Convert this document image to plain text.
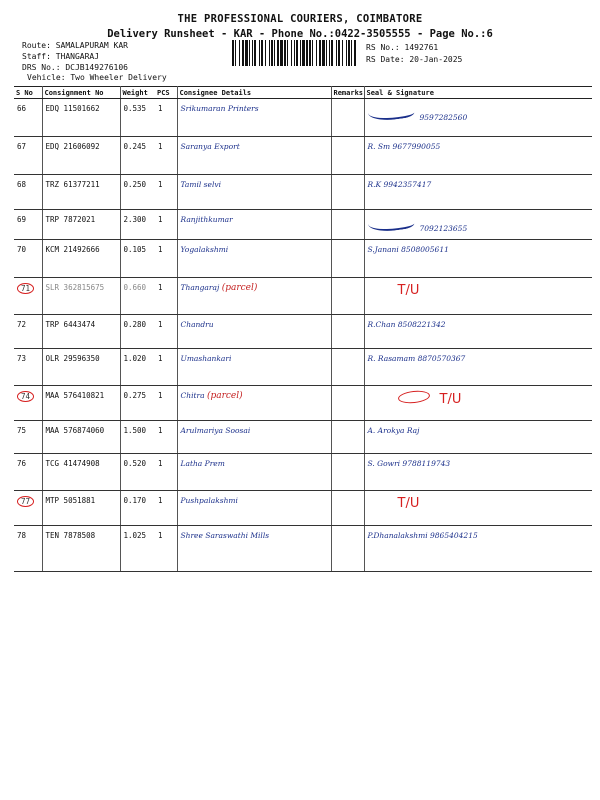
THE PROFESSIONAL COURIERS, COIMBATORE
Delivery Runsheet - KAR - Phone No.:0422-3505555 - Page No.:6
Route: SAMALAPURAM KAR
Staff: THANGARAJ
DRS No.: DCJB149276106
Vehicle: Two Wheeler Delivery
RS No.: 1492761
RS Date: 20-Jan-2025
S No	Consignment No	Weight	PCS	Consignee Details	Remarks	Seal & Signature
66	EDQ 11501662	0.535	1	Srikumaran Printers		9597282560
67	EDQ 21606092	0.245	1	Saranya Export		R. Sm 9677990055
68	TRZ 61377211	0.250	1	Tamil selvi		R.K 9942357417
69	TRP 7872021	2.300	1	Ranjithkumar		7092123655
70	KCM 21492666	0.105	1	Yogalakshmi		S.Janani 8508005611
71	SLR 362815675	0.660	1	Thangaraj (parcel)		T/U
72	TRP 6443474	0.280	1	Chandru		R.Chan 8508221342
73	OLR 29596350	1.020	1	Umashankari		R. Rasamam 8870570367
74	MAA 576410821	0.275	1	Chitra (parcel)		T/U
75	MAA 576874060	1.500	1	Arulmariya Soosai		A. Arokya Raj
76	TCG 41474908	0.520	1	Latha Prem		S. Gowri 9788119743
77	MTP 5051881	0.170	1	Pushpalakshmi		T/U
78	TEN 7878508	1.025	1	Shree Saraswathi Mills		P.Dhanalakshmi 9865404215
